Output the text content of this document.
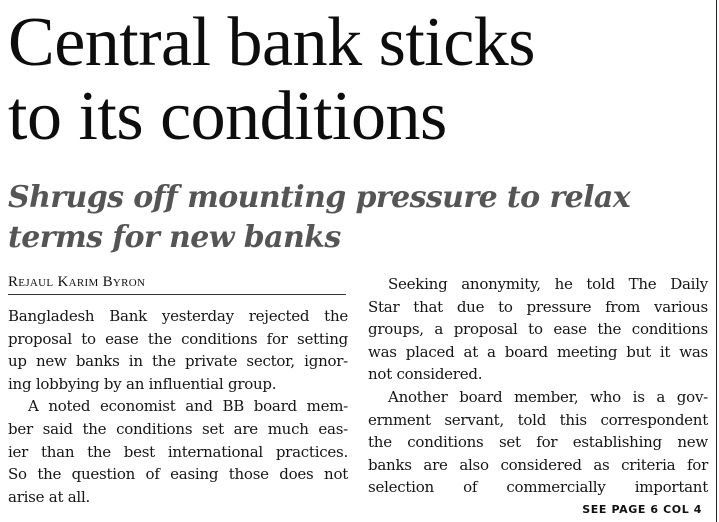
Central bank sticks
to its conditions
Shrugs off mounting pressure to relax
terms for new banks
Rejaul Karim Byron

Bangladesh Bank yesterday rejected the
proposal to ease the conditions for setting
up new banks in the private sector, ignor-
ing lobbying by an influential group.

A noted economist and BB board mem-
ber said the conditions set are much eas-
ier than the best international practices.
So the question of easing those does not
arise at all.

Seeking anonymity, he told The Daily
Star that due to pressure from various
groups, a proposal to ease the conditions
was placed at a board meeting but it was
not considered.

Another board member, who is a gov-
ernment servant, told this correspondent
the conditions set for establishing new
banks are also considered as criteria for
selection of commercially important

SEE PAGE 6 COL 4
